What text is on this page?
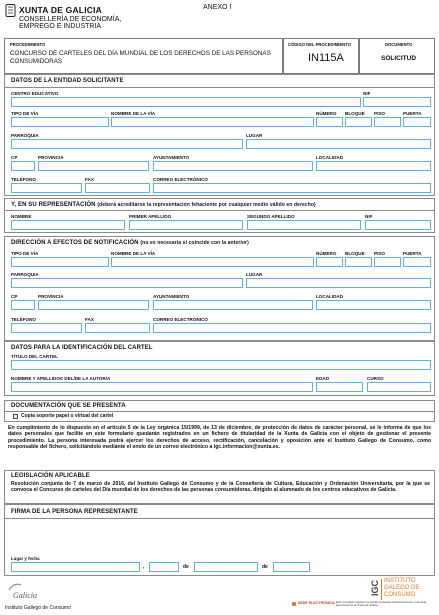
XUNTA DE GALICIA
CONSELLERÍA DE ECONOMÍA,
EMPREGO E INDUSTRIA
ANEXO I
PROCEDIMIENTO
CONCURSO DE CARTELES DEL DÍA MUNDIAL DE LOS DERECHOS DE LAS PERSONAS
CONSUMIDORAS
CÓDIGO DEL PROCEDIMIENTO
IN115A
DOCUMENTO
SOLICITUD
DATOS DE LA ENTIDAD SOLICITANTE
CENTRO EDUCATIVO	NIF
TIPO DE VÍA	NOMBRE DE LA VÍA	NÚMERO BLOQUE PISO	PUERTA
PARROQUIA	LUGAR
CP	PROVINCIA	AYUNTAMIENTO	LOCALIDAD
TELÉFONO	FAX	CORREO ELECTRÓNICO
Y, EN SU REPRESENTACIÓN (deberá acreditarse la representación fehaciente por cualquier medio válido en derecho)
NOMBRE	PRIMER APELLIDO	SEGUNDO APELLIDO	NIF
DIRECCIÓN A EFECTOS DE NOTIFICACIÓN (no es necesaria si coincide con la anterior)
TIPO DE VÍA	NOMBRE DE LA VÍA	NÚMERO BLOQUE PISO	PUERTA
PARROQUIA	LUGAR
CP	PROVINCIA	AYUNTAMIENTO	LOCALIDAD
TELÉFONO	FAX	CORREO ELECTRÓNICO
DATOS PARA LA IDENTIFICACIÓN DEL CARTEL
TÍTULO DEL CARTEL
NOMBRE Y APELLIDOS DEL/DE LA AUTOR/A	EDAD	CURSO
DOCUMENTACIÓN QUE SE PRESENTA
Copia soporte papel o virtual del cartel
En cumplimiento de lo dispuesto en el artículo 5 de la Ley orgánica 15/1999, de 13 de diciembre, de protección de datos de carácter personal, se le informa de que los datos personales que facilite en este formulario quedarán registrados en un fichero de titularidad de la Xunta de Galicia con el objeto de gestionar el presente procedimiento. La persona interesada podrá ejercer los derechos de acceso, rectificación, cancelación y oposición ante el Instituto Gallego de Consumo, como responsable del fichero, solicitándolo mediante el envío de un correo electrónico a igc.informacion@xunta.es.
LEGISLACIÓN APLICABLE
Resolución conjunta de 7 de marzo de 2016, del Instituto Gallego de Consumo y de la Consellería de Cultura, Educación y Ordenación Universitaria, por la que se convoca el Concurso de carteles del Día mundial de los derechos de las personas consumidoras, dirigido al alumnado de los centros educativos de Galicia.
FIRMA DE LA PERSONA REPRESENTANTE
Lugar y fecha
,	de	de
Galicia	IGC INSTITUTO
GALEGO DE
CONSUMO
SEDE ELECTRÓNICA Este formulario también se puede presentar electrónicamente en la sede electrónica de la Xunta de Galicia
Instituto Gallego de Consumo
